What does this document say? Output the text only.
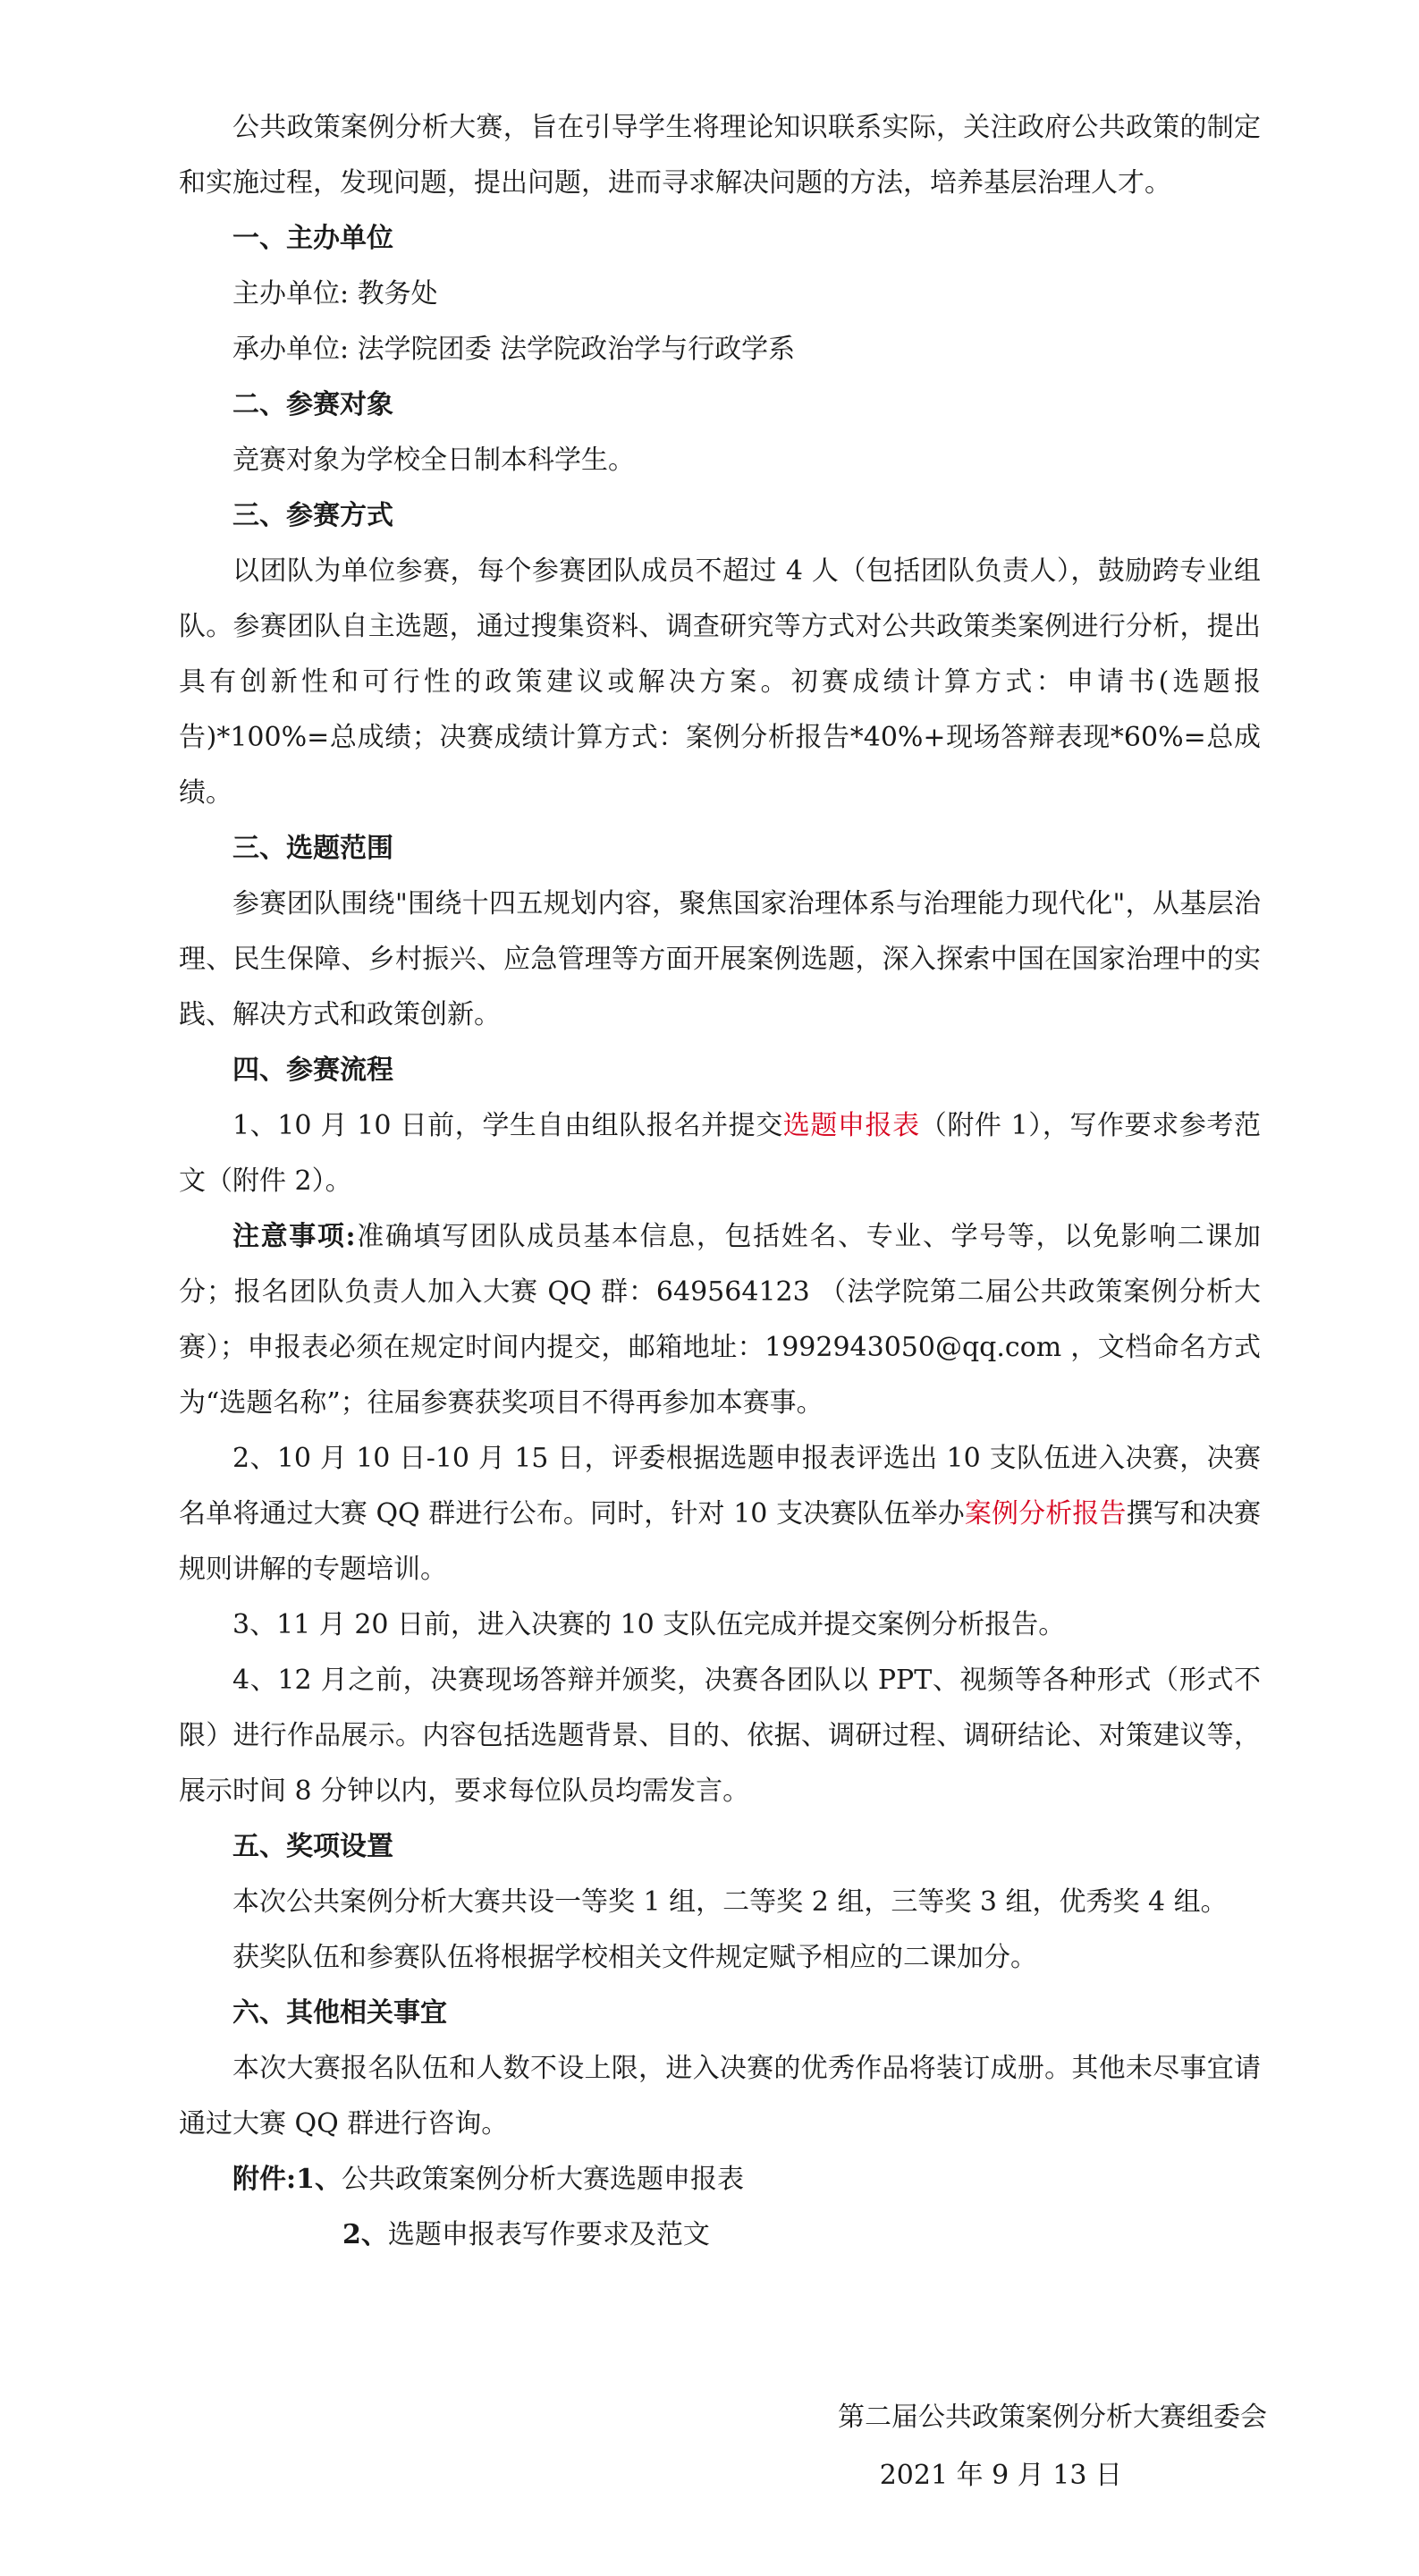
公共政策案例分析大赛，旨在引导学生将理论知识联系实际，关注政府公共政策的制定和实施过程，发现问题，提出问题，进而寻求解决问题的方法，培养基层治理人才。

一、主办单位

主办单位: 教务处

承办单位: 法学院团委 法学院政治学与行政学系

二、参赛对象

竞赛对象为学校全日制本科学生。

三、参赛方式

以团队为单位参赛，每个参赛团队成员不超过 4 人（包括团队负责人），鼓励跨专业组队。参赛团队自主选题，通过搜集资料、调查研究等方式对公共政策类案例进行分析，提出具有创新性和可行性的政策建议或解决方案。初赛成绩计算方式：申请书(选题报告)*100%=总成绩；决赛成绩计算方式：案例分析报告*40%+现场答辩表现*60%=总成绩。

三、选题范围

参赛团队围绕"围绕十四五规划内容，聚焦国家治理体系与治理能力现代化"，从基层治理、民生保障、乡村振兴、应急管理等方面开展案例选题，深入探索中国在国家治理中的实践、解决方式和政策创新。

四、参赛流程

1、10 月 10 日前，学生自由组队报名并提交选题申报表（附件 1），写作要求参考范文（附件 2）。

注意事项:准确填写团队成员基本信息，包括姓名、专业、学号等，以免影响二课加分；报名团队负责人加入大赛 QQ 群：649564123 （法学院第二届公共政策案例分析大赛）；申报表必须在规定时间内提交，邮箱地址：1992943050@qq.com ，文档命名方式为“选题名称”；往届参赛获奖项目不得再参加本赛事。

2、10 月 10 日-10 月 15 日，评委根据选题申报表评选出 10 支队伍进入决赛，决赛名单将通过大赛 QQ 群进行公布。同时，针对 10 支决赛队伍举办案例分析报告撰写和决赛规则讲解的专题培训。

3、11 月 20 日前，进入决赛的 10 支队伍完成并提交案例分析报告。

4、12 月之前，决赛现场答辩并颁奖，决赛各团队以 PPT、视频等各种形式（形式不限）进行作品展示。内容包括选题背景、目的、依据、调研过程、调研结论、对策建议等，展示时间 8 分钟以内，要求每位队员均需发言。

五、奖项设置

本次公共案例分析大赛共设一等奖 1 组，二等奖 2 组，三等奖 3 组，优秀奖 4 组。

获奖队伍和参赛队伍将根据学校相关文件规定赋予相应的二课加分。

六、其他相关事宜

本次大赛报名队伍和人数不设上限，进入决赛的优秀作品将装订成册。其他未尽事宜请通过大赛 QQ 群进行咨询。

附件:1、公共政策案例分析大赛选题申报表

2、选题申报表写作要求及范文

第二届公共政策案例分析大赛组委会
2021 年 9 月 13 日
